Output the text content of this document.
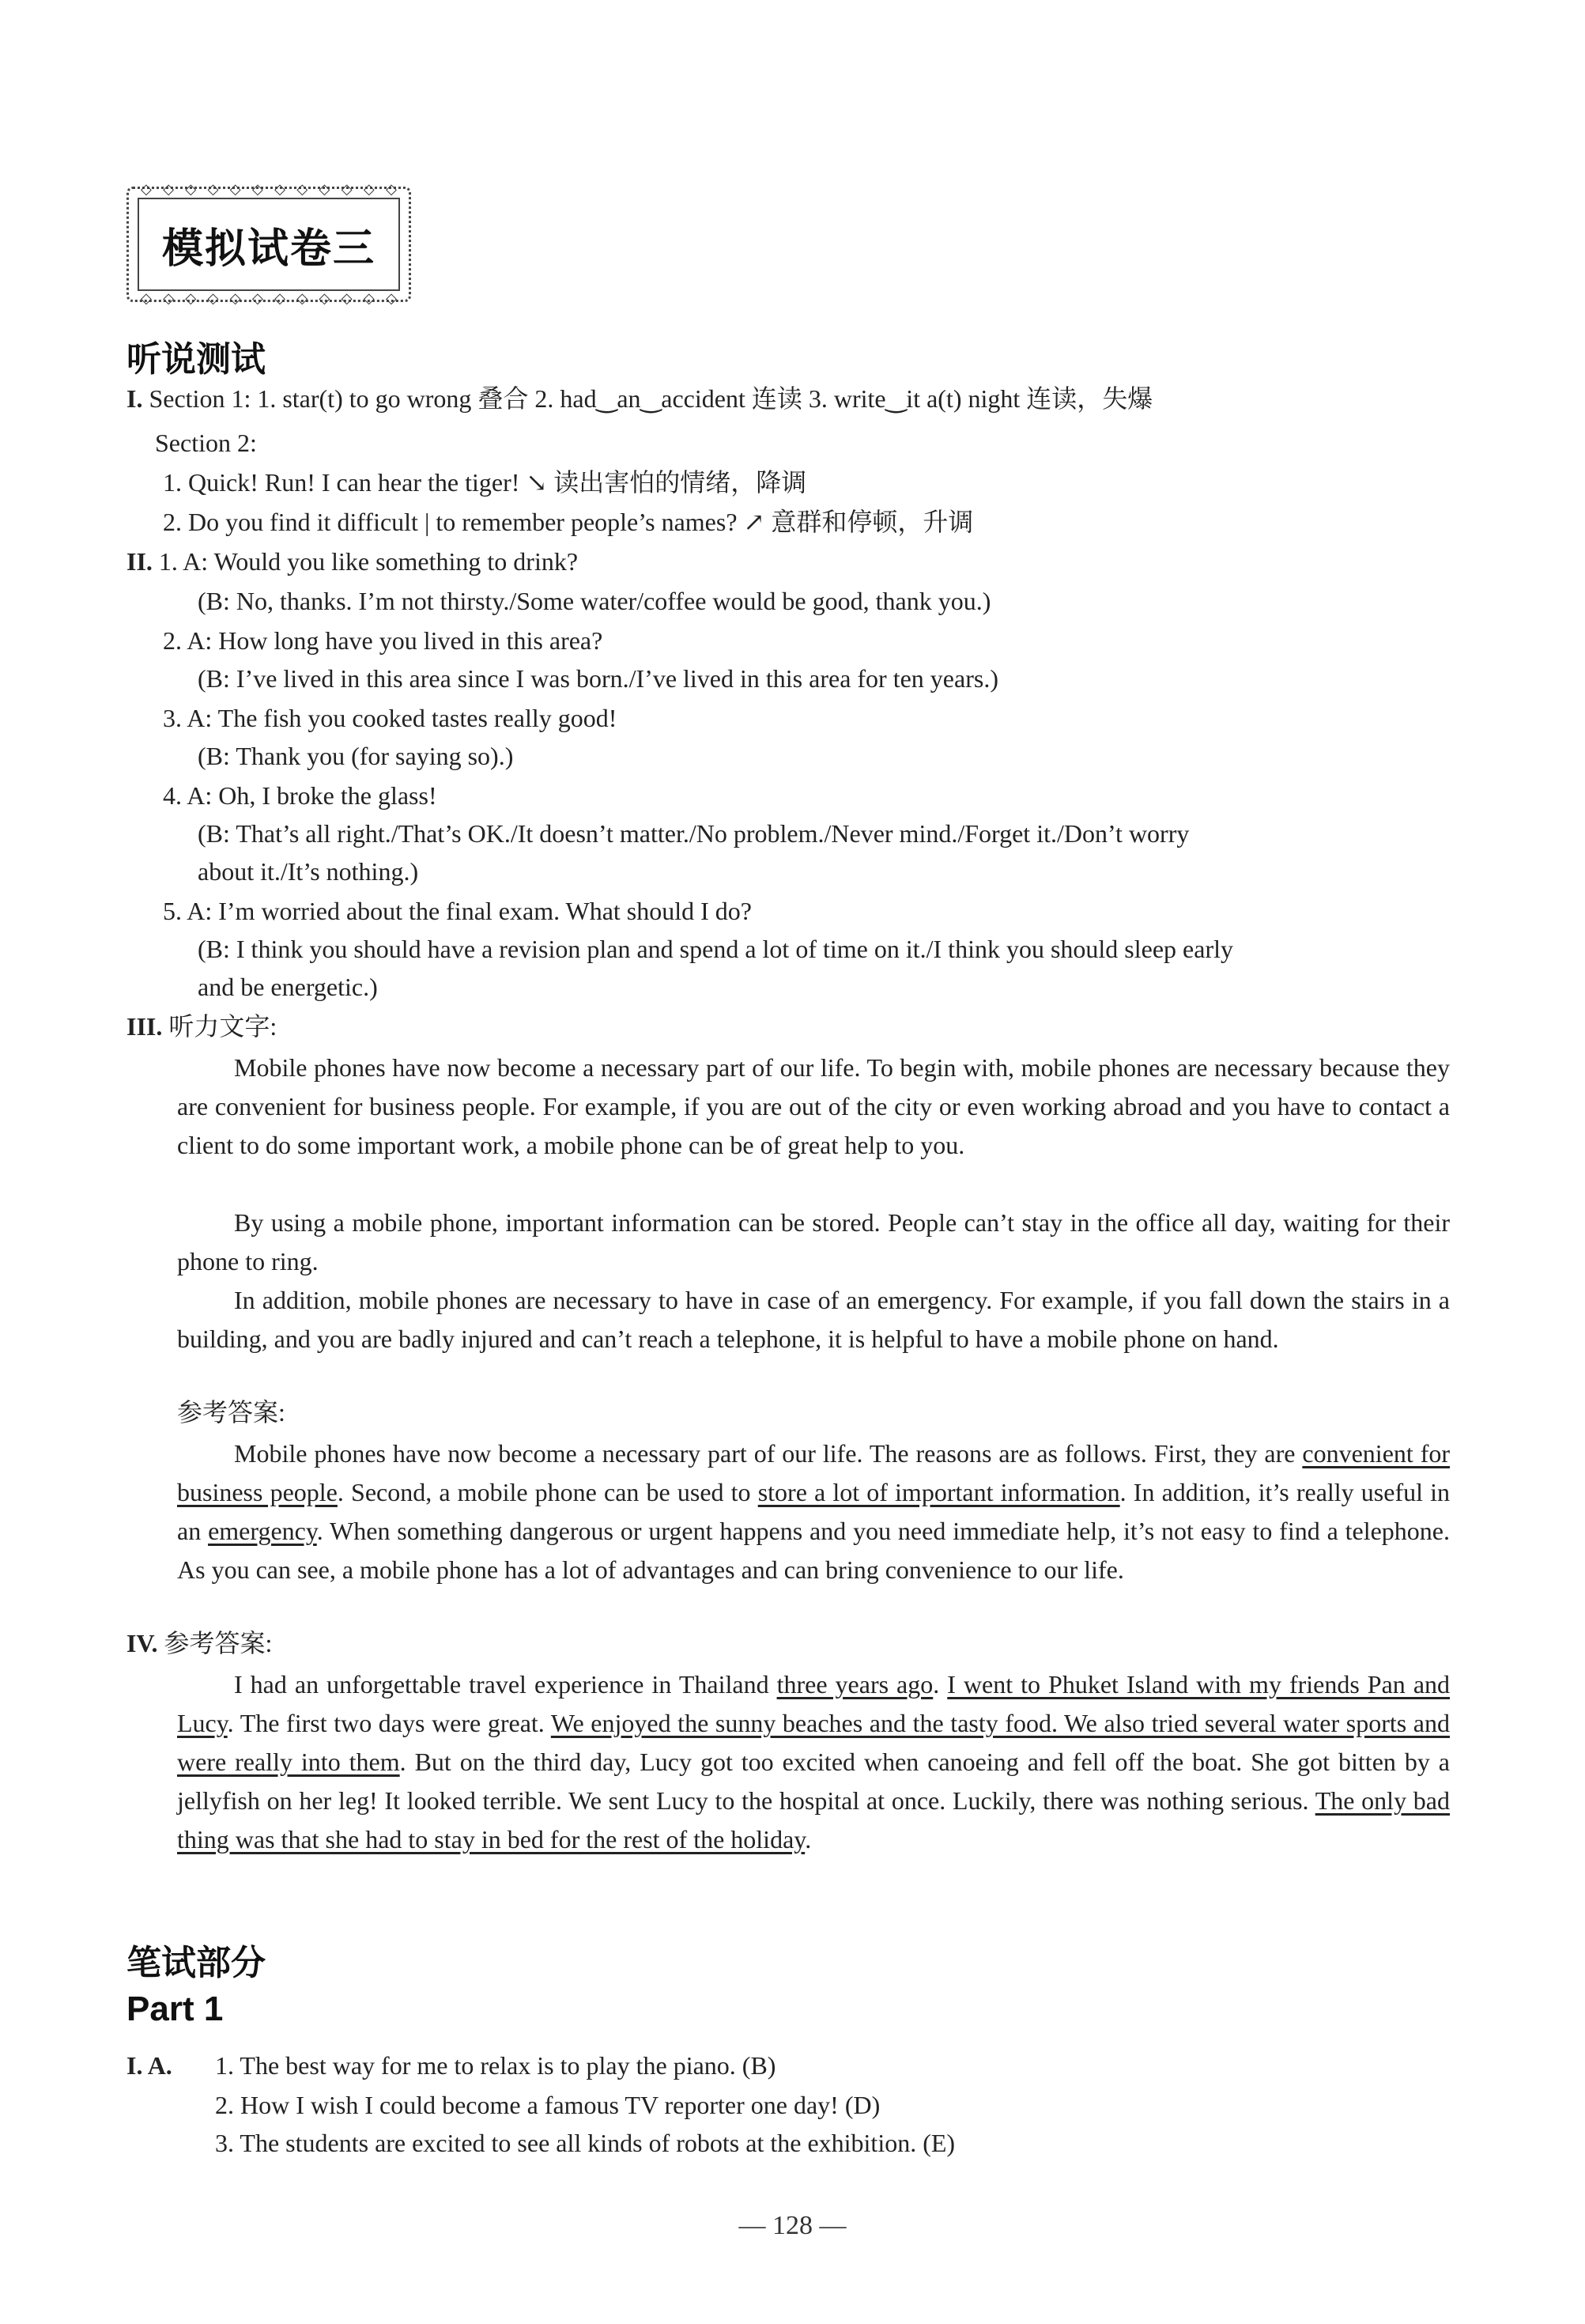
◇ ◇ ◇ ◇ ◇ ◇ ◇ ◇ ◇ ◇ ◇ ◇
◇ ◇ ◇ ◇ ◇ ◇ ◇ ◇ ◇ ◇ ◇ ◇
模拟试卷三
听说测试
I. Section 1: 1. star(t) to go wrong 叠合 2. had‿an‿accident 连读 3. write‿it a(t) night 连读，失爆
Section 2:
1. Quick! Run! I can hear the tiger! ↘ 读出害怕的情绪，降调
2. Do you find it difficult | to remember people’s names? ↗ 意群和停顿，升调
II. 1. A: Would you like something to drink?
(B: No, thanks. I’m not thirsty./Some water/coffee would be good, thank you.)
2. A: How long have you lived in this area?
(B: I’ve lived in this area since I was born./I’ve lived in this area for ten years.)
3. A: The fish you cooked tastes really good!
(B: Thank you (for saying so).)
4. A: Oh, I broke the glass!
(B: That’s all right./That’s OK./It doesn’t matter./No problem./Never mind./Forget it./Don’t worry
about it./It’s nothing.)
5. A: I’m worried about the final exam. What should I do?
(B: I think you should have a revision plan and spend a lot of time on it./I think you should sleep early
and be energetic.)
III. 听力文字:
Mobile phones have now become a necessary part of our life. To begin with, mobile phones are necessary because they are convenient for business people. For example, if you are out of the city or even working abroad and you have to contact a client to do some important work, a mobile phone can be of great help to you.
By using a mobile phone, important information can be stored. People can’t stay in the office all day, waiting for their phone to ring.
In addition, mobile phones are necessary to have in case of an emergency. For example, if you fall down the stairs in a building, and you are badly injured and can’t reach a telephone, it is helpful to have a mobile phone on hand.
参考答案:
Mobile phones have now become a necessary part of our life. The reasons are as follows. First, they are convenient for business people. Second, a mobile phone can be used to store a lot of important information. In addition, it’s really useful in an emergency. When something dangerous or urgent happens and you need immediate help, it’s not easy to find a telephone. As you can see, a mobile phone has a lot of advantages and can bring convenience to our life.
IV. 参考答案:
I had an unforgettable travel experience in Thailand three years ago. I went to Phuket Island with my friends Pan and Lucy. The first two days were great. We enjoyed the sunny beaches and the tasty food. We also tried several water sports and were really into them. But on the third day, Lucy got too excited when canoeing and fell off the boat. She got bitten by a jellyfish on her leg! It looked terrible. We sent Lucy to the hospital at once. Luckily, there was nothing serious. The only bad thing was that she had to stay in bed for the rest of the holiday.
笔试部分
Part 1
I. A. 1. The best way for me to relax is to play the piano. (B)
2. How I wish I could become a famous TV reporter one day! (D)
3. The students are excited to see all kinds of robots at the exhibition. (E)
— 128 —
